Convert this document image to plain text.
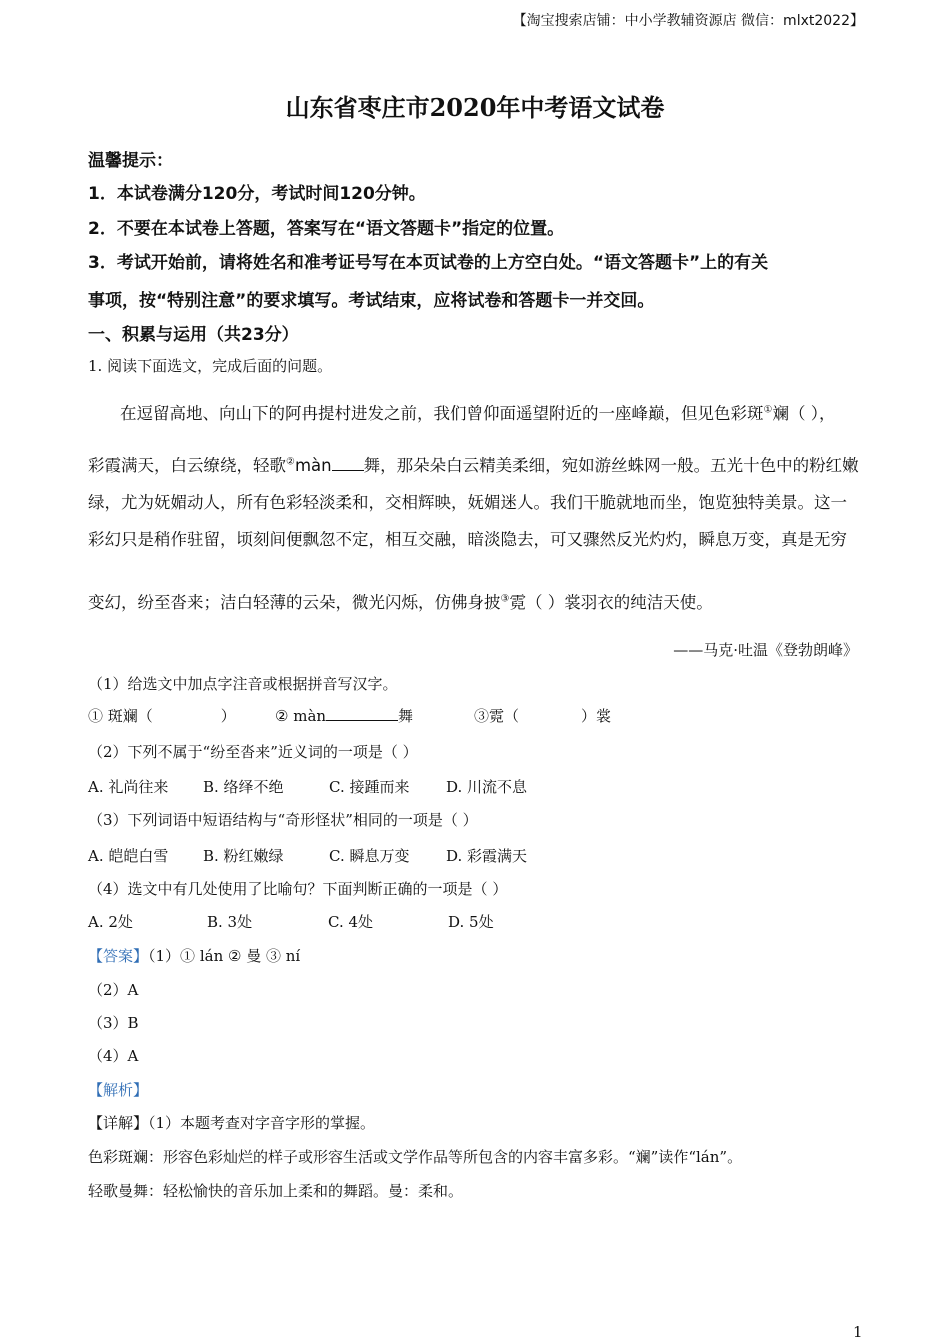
【淘宝搜索店铺：中小学教辅资源店 微信：mlxt2022】
山东省枣庄市2020年中考语文试卷
温馨提示：
1．本试卷满分120分，考试时间120分钟。
2．不要在本试卷上答题，答案写在“语文答题卡”指定的位置。
3．考试开始前，请将姓名和准考证号写在本页试卷的上方空白处。“语文答题卡”上的有关
事项，按“特别注意”的要求填写。考试结束，应将试卷和答题卡一并交回。
一、积累与运用（共23分）
1. 阅读下面选文，完成后面的问题。
在逗留高地、向山下的阿冉提村进发之前，我们曾仰面遥望附近的一座峰巅，但见色彩斑①斓（ ），
彩霞满天，白云缭绕，轻歌②màn 舞，那朵朵白云精美柔细，宛如游丝蛛网一般。五光十色中的粉红嫩
绿，尤为妩媚动人，所有色彩轻淡柔和，交相辉映，妩媚迷人。我们干脆就地而坐，饱览独特美景。这一
彩幻只是稍作驻留，顷刻间便飘忽不定，相互交融，暗淡隐去，可又骤然反光灼灼，瞬息万变，真是无穷
变幻，纷至沓来；洁白轻薄的云朵，微光闪烁，仿佛身披③霓（ ）裳羽衣的纯洁天使。
——马克·吐温《登勃朗峰》
（1）给选文中加点字注音或根据拼音写汉字。
① 斑斓（	）	② màn	舞	③霓（	）裳
（2）下列不属于“纷至沓来”近义词的一项是（ ）
A. 礼尚往来 B. 络绎不绝	C. 接踵而来 D. 川流不息
（3）下列词语中短语结构与“奇形怪状”相同的一项是（ ）
A. 皑皑白雪 B. 粉红嫩绿	C. 瞬息万变 D. 彩霞满天
（4）选文中有几处使用了比喻句？下面判断正确的一项是（ ）
A. 2处	B. 3处	C. 4处	D. 5处
【答案】（1）① lán ② 曼 ③ ní
（2）A
（3）B
（4）A
【解析】
【详解】（1）本题考查对字音字形的掌握。
色彩斑斓：形容色彩灿烂的样子或形容生活或文学作品等所包含的内容丰富多彩。“斓”读作“lán”。
轻歌曼舞：轻松愉快的音乐加上柔和的舞蹈。曼：柔和。
1
